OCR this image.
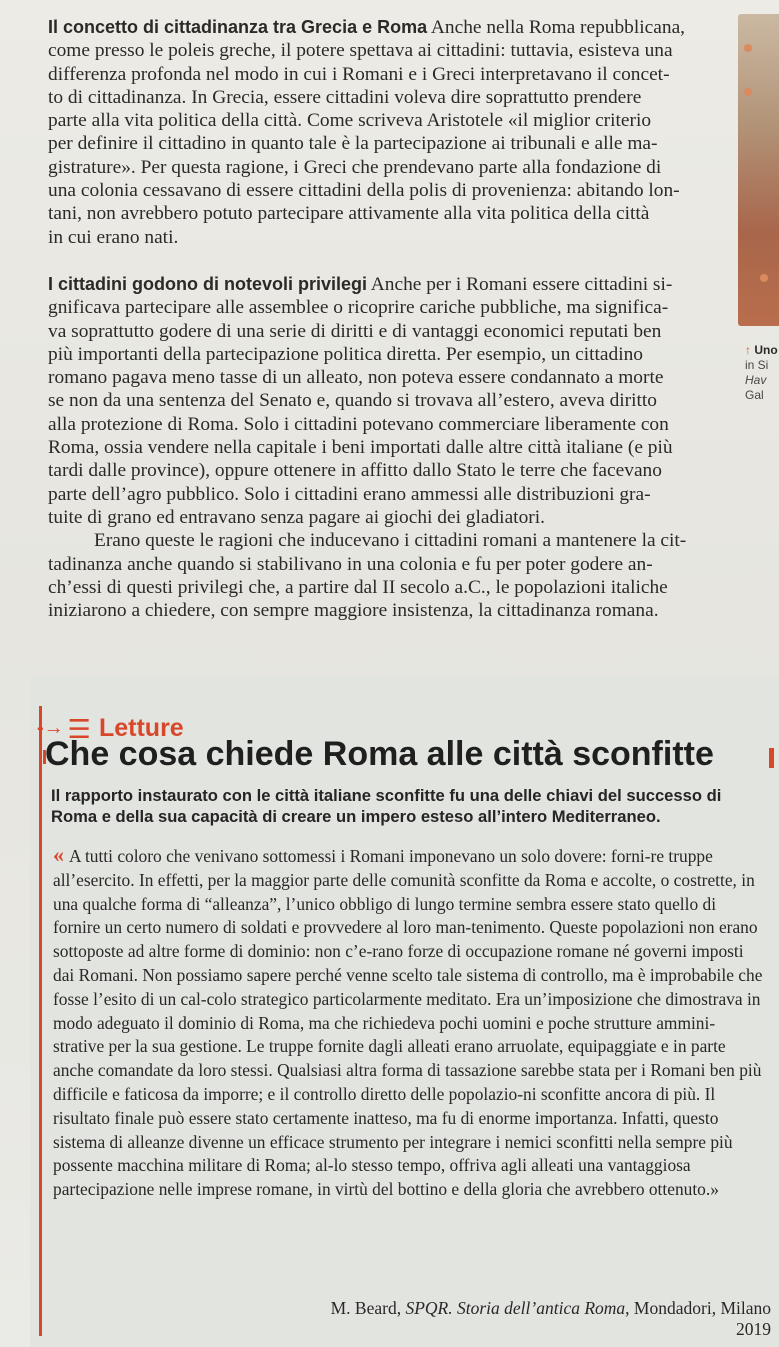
↑ Uno
in Si
Hav
Gal

Il concetto di cittadinanza tra Grecia e Roma Anche nella Roma repubblicana,

come presso le poleis greche, il potere spettava ai cittadini: tuttavia, esisteva una

differenza profonda nel modo in cui i Romani e i Greci interpretavano il concet-

to di cittadinanza. In Grecia, essere cittadini voleva dire soprattutto prendere

parte alla vita politica della città. Come scriveva Aristotele «il miglior criterio

per definire il cittadino in quanto tale è la partecipazione ai tribunali e alle ma-

gistrature». Per questa ragione, i Greci che prendevano parte alla fondazione di

una colonia cessavano di essere cittadini della polis di provenienza: abitando lon-

tani, non avrebbero potuto partecipare attivamente alla vita politica della città

in cui erano nati.

I cittadini godono di notevoli privilegi Anche per i Romani essere cittadini si-

gnificava partecipare alle assemblee o ricoprire cariche pubbliche, ma significa-

va soprattutto godere di una serie di diritti e di vantaggi economici reputati ben

più importanti della partecipazione politica diretta. Per esempio, un cittadino

romano pagava meno tasse di un alleato, non poteva essere condannato a morte

se non da una sentenza del Senato e, quando si trovava all’estero, aveva diritto

alla protezione di Roma. Solo i cittadini potevano commerciare liberamente con

Roma, ossia vendere nella capitale i beni importati dalle altre città italiane (e più

tardi dalle province), oppure ottenere in affitto dallo Stato le terre che facevano

parte dell’agro pubblico. Solo i cittadini erano ammessi alle distribuzioni gra-

tuite di grano ed entravano senza pagare ai giochi dei gladiatori.

Erano queste le ragioni che inducevano i cittadini romani a mantenere la cit-

tadinanza anche quando si stabilivano in una colonia e fu per poter godere an-

ch’essi di questi privilegi che, a partire dal II secolo a.C., le popolazioni italiche

iniziarono a chiedere, con sempre maggiore insistenza, la cittadinanza romana.

-→ ☰ Letture
Che cosa chiede Roma alle città sconfitte
Il rapporto instaurato con le città italiane sconfitte fu una delle chiavi del successo di Roma e della sua capacità di creare un impero esteso all’intero Mediterraneo.
« A tutti coloro che venivano sottomessi i Romani imponevano un solo dovere: forni-re truppe all’esercito. In effetti, per la maggior parte delle comunità sconfitte da Roma e accolte, o costrette, in una qualche forma di “alleanza”, l’unico obbligo di lungo termine sembra essere stato quello di fornire un certo numero di soldati e provvedere al loro man-tenimento. Queste popolazioni non erano sottoposte ad altre forme di dominio: non c’e-rano forze di occupazione romane né governi imposti dai Romani. Non possiamo sapere perché venne scelto tale sistema di controllo, ma è improbabile che fosse l’esito di un cal-colo strategico particolarmente meditato. Era un’imposizione che dimostrava in modo adeguato il dominio di Roma, ma che richiedeva pochi uomini e poche strutture ammini-strative per la sua gestione. Le truppe fornite dagli alleati erano arruolate, equipaggiate e in parte anche comandate da loro stessi. Qualsiasi altra forma di tassazione sarebbe stata per i Romani ben più difficile e faticosa da imporre; e il controllo diretto delle popolazio-ni sconfitte ancora di più. Il risultato finale può essere stato certamente inatteso, ma fu di enorme importanza. Infatti, questo sistema di alleanze divenne un efficace strumento per integrare i nemici sconfitti nella sempre più possente macchina militare di Roma; al-lo stesso tempo, offriva agli alleati una vantaggiosa partecipazione nelle imprese romane, in virtù del bottino e della gloria che avrebbero ottenuto.»
M. Beard, SPQR. Storia dell’antica Roma, Mondadori, Milano 2019
